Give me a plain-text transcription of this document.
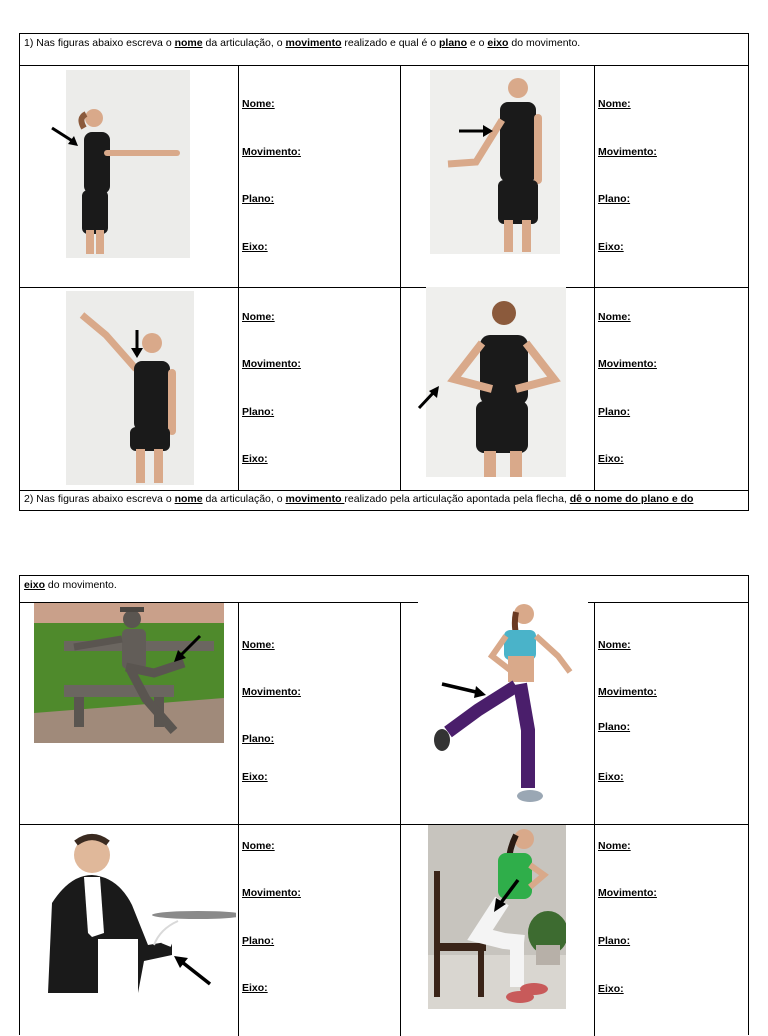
1) Nas figuras abaixo escreva o nome da articulação, o movimento realizado e qual é o plano e o eixo do movimento.
2) Nas figuras abaixo escreva o nome da articulação, o movimento realizado pela articulação apontada pela flecha, dê o nome do plano e do
Nome:
Movimento:
Plano:
Eixo:
Nome:
Movimento:
Plano:
Eixo:
Nome:
Movimento:
Plano:
Eixo:
Nome:
Movimento:
Plano:
Eixo:
eixo do movimento.
Nome:
Movimento:
Plano:
Eixo:
Nome:
Movimento:
Plano:
Eixo:
Nome:
Movimento:
Plano:
Eixo:
Nome:
Movimento:
Plano:
Eixo:
